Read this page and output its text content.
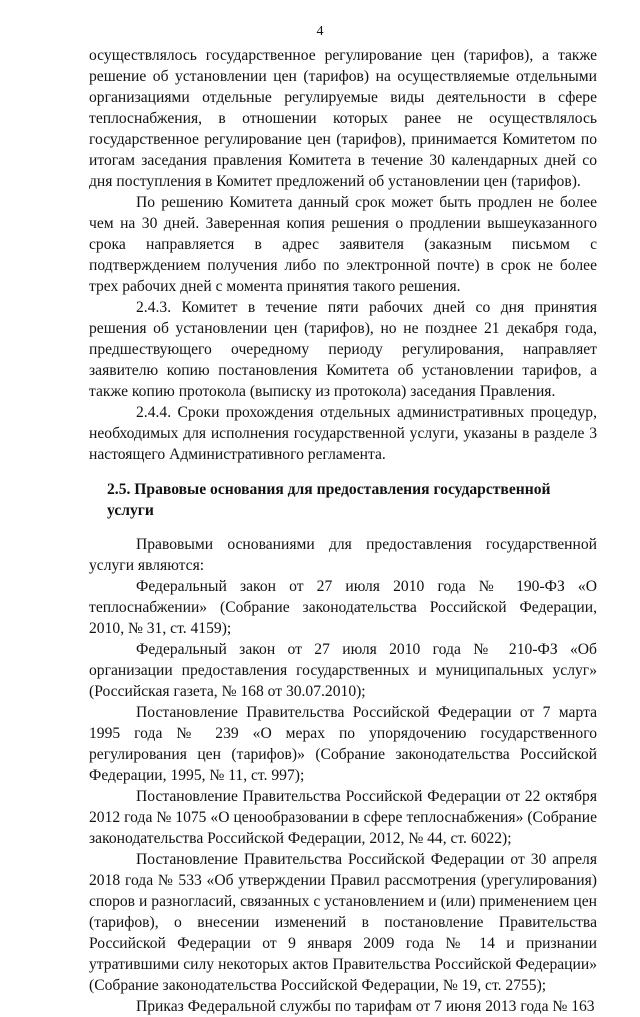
4

осуществлялось государственное регулирование цен (тарифов), а также решение об установлении цен (тарифов) на осуществляемые отдельными организациями отдельные регулируемые виды деятельности в сфере теплоснабжения, в отношении которых ранее не осуществлялось государственное регулирование цен (тарифов), принимается Комитетом по итогам заседания правления Комитета в течение 30 календарных дней со дня поступления в Комитет предложений об установлении цен (тарифов).

По решению Комитета данный срок может быть продлен не более чем на 30 дней. Заверенная копия решения о продлении вышеуказанного срока направляется в адрес заявителя (заказным письмом с подтверждением получения либо по электронной почте) в срок не более трех рабочих дней с момента принятия такого решения.

2.4.3. Комитет в течение пяти рабочих дней со дня принятия решения об установлении цен (тарифов), но не позднее 21 декабря года, предшествующего очередному периоду регулирования, направляет заявителю копию постановления Комитета об установлении тарифов, а также копию протокола (выписку из протокола) заседания Правления.

2.4.4. Сроки прохождения отдельных административных процедур, необходимых для исполнения государственной услуги, указаны в разделе 3 настоящего Административного регламента.

2.5. Правовые основания для предоставления государственной услуги

Правовыми основаниями для предоставления государственной услуги являются:

Федеральный закон от 27 июля 2010 года № 190-ФЗ «О теплоснабжении» (Собрание законодательства Российской Федерации, 2010, № 31, ст. 4159);

Федеральный закон от 27 июля 2010 года № 210-ФЗ «Об организации предоставления государственных и муниципальных услуг» (Российская газета, № 168 от 30.07.2010);

Постановление Правительства Российской Федерации от 7 марта 1995 года № 239 «О мерах по упорядочению государственного регулирования цен (тарифов)» (Собрание законодательства Российской Федерации, 1995, № 11, ст. 997);

Постановление Правительства Российской Федерации от 22 октября 2012 года № 1075 «О ценообразовании в сфере теплоснабжения» (Собрание законодательства Российской Федерации, 2012, № 44, ст. 6022);

Постановление Правительства Российской Федерации от 30 апреля 2018 года № 533 «Об утверждении Правил рассмотрения (урегулирования) споров и разногласий, связанных с установлением и (или) применением цен (тарифов), о внесении изменений в постановление Правительства Российской Федерации от 9 января 2009 года № 14 и признании утратившими силу некоторых актов Правительства Российской Федерации» (Собрание законодательства Российской Федерации, № 19, ст. 2755);

Приказ Федеральной службы по тарифам от 7 июня 2013 года № 163
